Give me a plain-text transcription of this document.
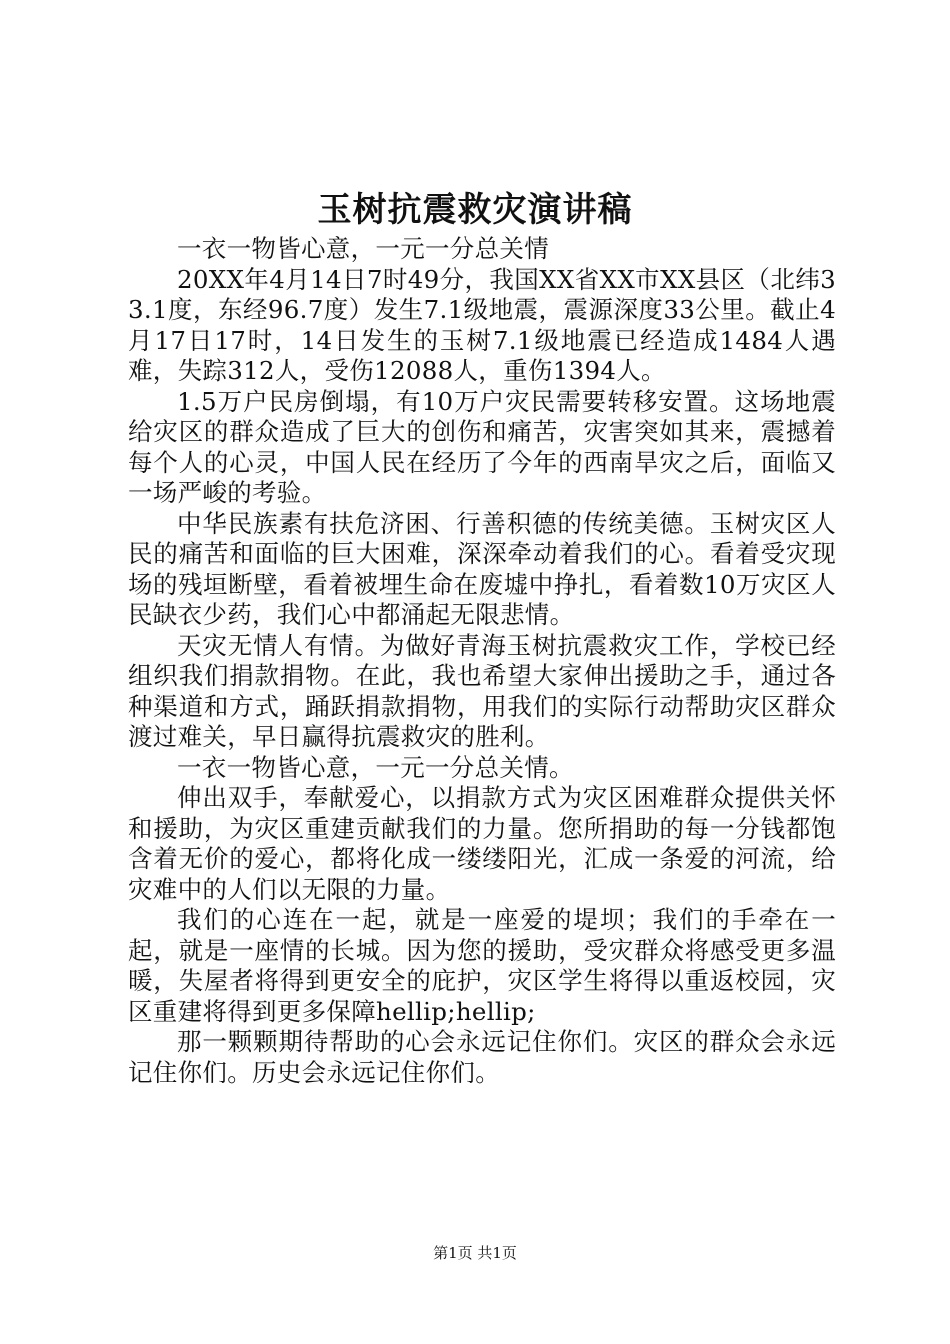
玉树抗震救灾演讲稿

一衣一物皆心意，一元一分总关情

20XX年4月14日7时49分，我国XX省XX市XX县区（北纬33.1度，东经96.7度）发生7.1级地震，震源深度33公里。截止4月17日17时，14日发生的玉树7.1级地震已经造成1484人遇难，失踪312人，受伤12088人，重伤1394人。

1.5万户民房倒塌，有10万户灾民需要转移安置。这场地震给灾区的群众造成了巨大的创伤和痛苦，灾害突如其来，震撼着每个人的心灵，中国人民在经历了今年的西南旱灾之后，面临又一场严峻的考验。

中华民族素有扶危济困、行善积德的传统美德。玉树灾区人民的痛苦和面临的巨大困难，深深牵动着我们的心。看着受灾现场的残垣断壁，看着被埋生命在废墟中挣扎，看着数10万灾区人民缺衣少药，我们心中都涌起无限悲情。

天灾无情人有情。为做好青海玉树抗震救灾工作，学校已经组织我们捐款捐物。在此，我也希望大家伸出援助之手，通过各种渠道和方式，踊跃捐款捐物，用我们的实际行动帮助灾区群众渡过难关，早日赢得抗震救灾的胜利。

一衣一物皆心意，一元一分总关情。

伸出双手，奉献爱心，以捐款方式为灾区困难群众提供关怀和援助，为灾区重建贡献我们的力量。您所捐助的每一分钱都饱含着无价的爱心，都将化成一缕缕阳光，汇成一条爱的河流，给灾难中的人们以无限的力量。

我们的心连在一起，就是一座爱的堤坝；我们的手牵在一起，就是一座情的长城。因为您的援助，受灾群众将感受更多温暖，失屋者将得到更安全的庇护，灾区学生将得以重返校园，灾区重建将得到更多保障hellip;hellip;

那一颗颗期待帮助的心会永远记住你们。灾区的群众会永远记住你们。历史会永远记住你们。

第1页 共1页
